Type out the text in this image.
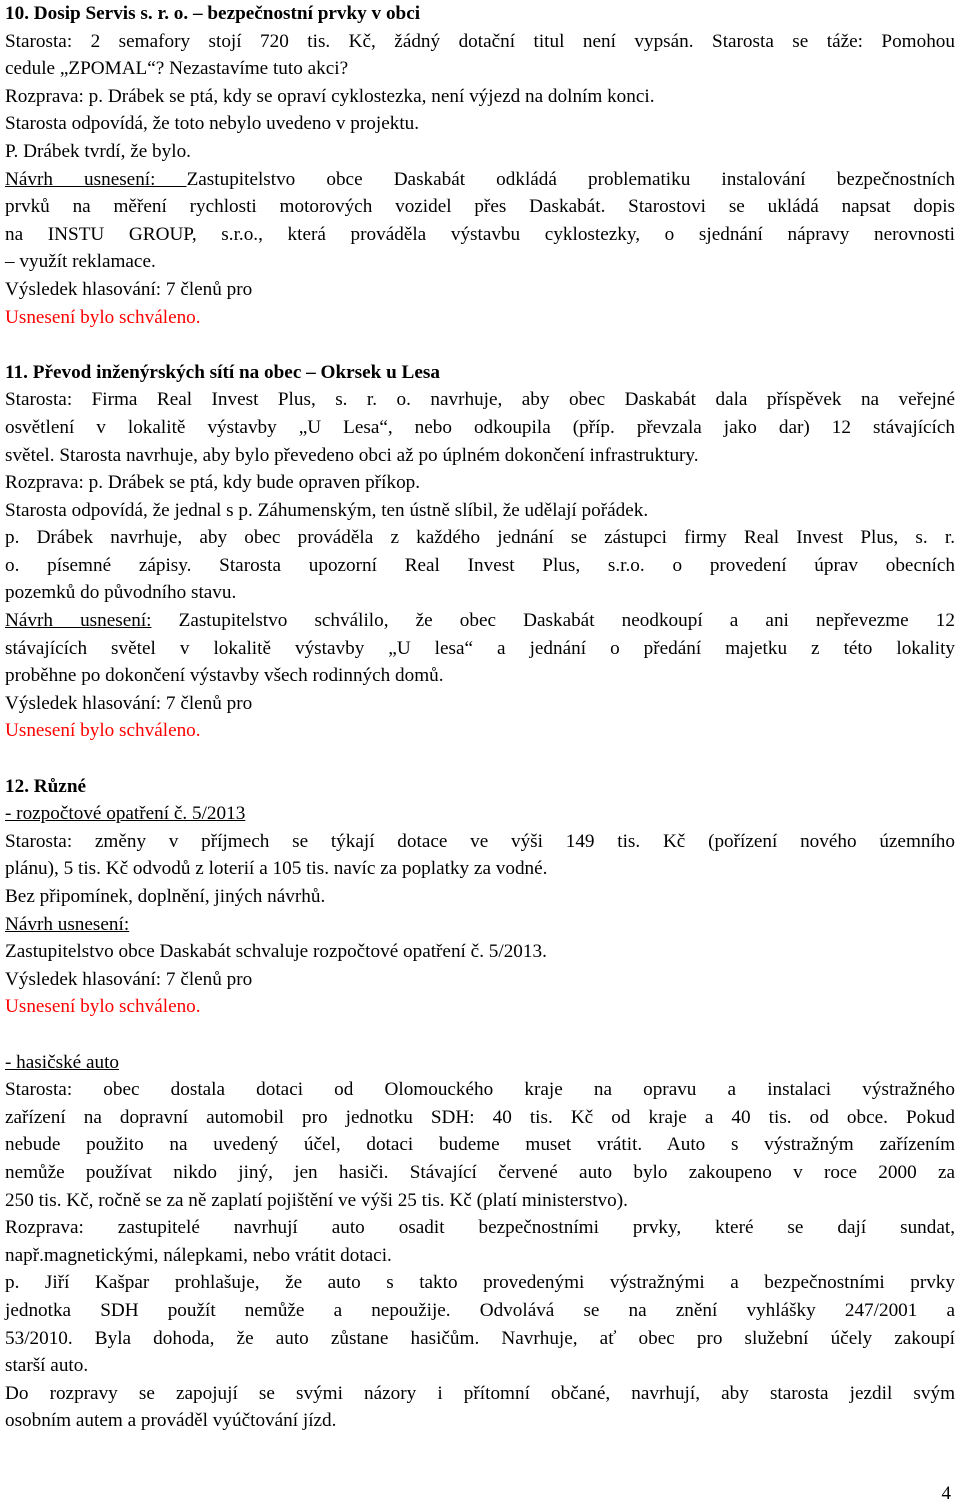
10. Dosip Servis s. r. o. – bezpečnostní prvky v obci
Starosta: 2 semafory stojí 720 tis. Kč, žádný dotační titul není vypsán. Starosta se táže: Pomohou
cedule „ZPOMAL“? Nezastavíme tuto akci?
Rozprava: p. Drábek se ptá, kdy se opraví cyklostezka, není výjezd na dolním konci.
Starosta odpovídá, že toto nebylo uvedeno v projektu.
P. Drábek tvrdí, že bylo.
Návrh usnesení: Zastupitelstvo obce Daskabát odkládá problematiku instalování bezpečnostních
prvků na měření rychlosti motorových vozidel přes Daskabát. Starostovi se ukládá napsat dopis
na INSTU GROUP, s.r.o., která prováděla výstavbu cyklostezky, o sjednání nápravy nerovnosti
– využít reklamace.
Výsledek hlasování: 7 členů pro
Usnesení bylo schváleno.
11. Převod inženýrských sítí na obec – Okrsek u Lesa
Starosta: Firma Real Invest Plus, s. r. o. navrhuje, aby obec Daskabát dala příspěvek na veřejné
osvětlení v lokalitě výstavby „U Lesa“, nebo odkoupila (příp. převzala jako dar) 12 stávajících
světel. Starosta navrhuje, aby bylo převedeno obci až po úplném dokončení infrastruktury.
Rozprava: p. Drábek se ptá, kdy bude opraven příkop.
Starosta odpovídá, že jednal s p. Záhumenským, ten ústně slíbil, že udělají pořádek.
p. Drábek navrhuje, aby obec prováděla z každého jednání se zástupci firmy Real Invest Plus, s. r.
o. písemné zápisy. Starosta upozorní Real Invest Plus, s.r.o. o provedení úprav obecních
pozemků do původního stavu.
Návrh usnesení: Zastupitelstvo schválilo, že obec Daskabát neodkoupí a ani nepřevezme 12
stávajících světel v lokalitě výstavby „U lesa“ a jednání o předání majetku z této lokality
proběhne po dokončení výstavby všech rodinných domů.
Výsledek hlasování: 7 členů pro
Usnesení bylo schváleno.
12. Různé
- rozpočtové opatření č. 5/2013
Starosta: změny v příjmech se týkají dotace ve výši 149 tis. Kč (pořízení nového územního
plánu), 5 tis. Kč odvodů z loterií a 105 tis. navíc za poplatky za vodné.
Bez připomínek, doplnění, jiných návrhů.
Návrh usnesení:
Zastupitelstvo obce Daskabát schvaluje rozpočtové opatření č. 5/2013.
Výsledek hlasování: 7 členů pro
Usnesení bylo schváleno.
- hasičské auto
Starosta: obec dostala dotaci od Olomouckého kraje na opravu a instalaci výstražného
zařízení na dopravní automobil pro jednotku SDH: 40 tis. Kč od kraje a 40 tis. od obce. Pokud
nebude použito na uvedený účel, dotaci budeme muset vrátit. Auto s výstražným zařízením
nemůže používat nikdo jiný, jen hasiči. Stávající červené auto bylo zakoupeno v roce 2000 za
250 tis. Kč, ročně se za ně zaplatí pojištění ve výši 25 tis. Kč (platí ministerstvo).
Rozprava: zastupitelé navrhují auto osadit bezpečnostními prvky, které se dají sundat,
např.magnetickými, nálepkami, nebo vrátit dotaci.
p. Jiří Kašpar prohlašuje, že auto s takto provedenými výstražnými a bezpečnostními prvky
jednotka SDH použít nemůže a nepoužije. Odvolává se na znění vyhlášky 247/2001 a
53/2010. Byla dohoda, že auto zůstane hasičům. Navrhuje, ať obec pro služební účely zakoupí
starší auto.
Do rozpravy se zapojují se svými názory i přítomní občané, navrhují, aby starosta jezdil svým
osobním autem a prováděl vyúčtování jízd.
4
